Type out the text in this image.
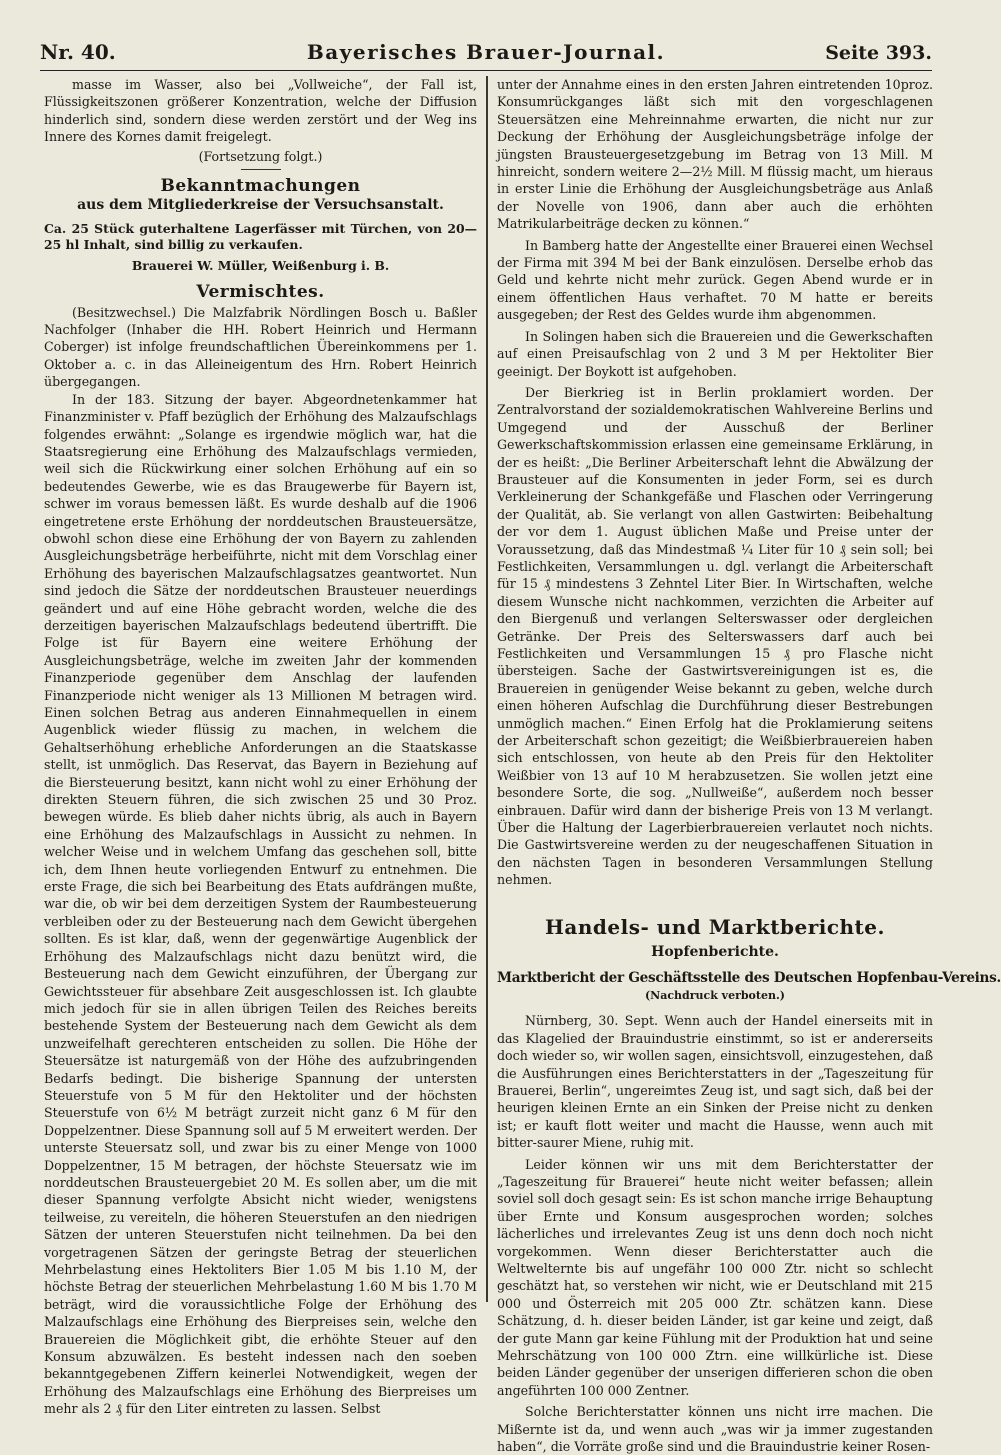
Nr. 40.	Bayerisches Brauer-Journal.	Seite 393.

masse im Wasser, also bei „Vollweiche“, der Fall ist, Flüssigkeitszonen größerer Konzentration, welche der Diffusion hinderlich sind, sondern diese werden zerstört und der Weg ins Innere des Kornes damit freigelegt.

(Fortsetzung folgt.)

Bekanntmachungen
aus dem Mitgliederkreise der Versuchsanstalt.

Ca. 25 Stück guterhaltene Lagerfässer mit Türchen, von 20—25 hl Inhalt, sind billig zu verkaufen.

Brauerei W. Müller, Weißenburg i. B.

Vermischtes.

(Besitzwechsel.) Die Malzfabrik Nördlingen Bosch u. Baßler Nachfolger (Inhaber die HH. Robert Heinrich und Hermann Coberger) ist infolge freundschaftlichen Übereinkommens per 1. Oktober a. c. in das Alleineigentum des Hrn. Robert Heinrich übergegangen.

In der 183. Sitzung der bayer. Abgeordnetenkammer hat Finanzminister v. Pfaff bezüglich der Erhöhung des Malzaufschlags folgendes erwähnt: „Solange es irgendwie möglich war, hat die Staatsregierung eine Erhöhung des Malzaufschlags vermieden, weil sich die Rückwirkung einer solchen Erhöhung auf ein so bedeutendes Gewerbe, wie es das Braugewerbe für Bayern ist, schwer im voraus bemessen läßt. Es wurde deshalb auf die 1906 eingetretene erste Erhöhung der norddeutschen Brausteuersätze, obwohl schon diese eine Erhöhung der von Bayern zu zahlenden Ausgleichungsbeträge herbeiführte, nicht mit dem Vorschlag einer Erhöhung des bayerischen Malzaufschlagsatzes geantwortet. Nun sind jedoch die Sätze der norddeutschen Brausteuer neuerdings geändert und auf eine Höhe gebracht worden, welche die des derzeitigen bayerischen Malzaufschlags bedeutend übertrifft. Die Folge ist für Bayern eine weitere Erhöhung der Ausgleichungsbeträge, welche im zweiten Jahr der kommenden Finanzperiode gegenüber dem Anschlag der laufenden Finanzperiode nicht weniger als 13 Millionen M betragen wird. Einen solchen Betrag aus anderen Einnahmequellen in einem Augenblick wieder flüssig zu machen, in welchem die Gehaltserhöhung erhebliche Anforderungen an die Staatskasse stellt, ist unmöglich. Das Reservat, das Bayern in Beziehung auf die Biersteuerung besitzt, kann nicht wohl zu einer Erhöhung der direkten Steuern führen, die sich zwischen 25 und 30 Proz. bewegen würde. Es blieb daher nichts übrig, als auch in Bayern eine Erhöhung des Malzaufschlags in Aussicht zu nehmen. In welcher Weise und in welchem Umfang das geschehen soll, bitte ich, dem Ihnen heute vorliegenden Entwurf zu entnehmen. Die erste Frage, die sich bei Bearbeitung des Etats aufdrängen mußte, war die, ob wir bei dem derzeitigen System der Raumbesteuerung verbleiben oder zu der Besteuerung nach dem Gewicht übergehen sollten. Es ist klar, daß, wenn der gegenwärtige Augenblick der Erhöhung des Malzaufschlags nicht dazu benützt wird, die Besteuerung nach dem Gewicht einzuführen, der Übergang zur Gewichtssteuer für absehbare Zeit ausgeschlossen ist. Ich glaubte mich jedoch für sie in allen übrigen Teilen des Reiches bereits bestehende System der Besteuerung nach dem Gewicht als dem unzweifelhaft gerechteren entscheiden zu sollen. Die Höhe der Steuersätze ist naturgemäß von der Höhe des aufzubringenden Bedarfs bedingt. Die bisherige Spannung der untersten Steuerstufe von 5 M für den Hektoliter und der höchsten Steuerstufe von 6½ M beträgt zurzeit nicht ganz 6 M für den Doppelzentner. Diese Spannung soll auf 5 M erweitert werden. Der unterste Steuersatz soll, und zwar bis zu einer Menge von 1000 Doppelzentner, 15 M betragen, der höchste Steuersatz wie im norddeutschen Brausteuergebiet 20 M. Es sollen aber, um die mit dieser Spannung verfolgte Absicht nicht wieder, wenigstens teilweise, zu vereiteln, die höheren Steuerstufen an den niedrigen Sätzen der unteren Steuerstufen nicht teilnehmen. Da bei den vorgetragenen Sätzen der geringste Betrag der steuerlichen Mehrbelastung eines Hektoliters Bier 1.05 M bis 1.10 M, der höchste Betrag der steuerlichen Mehrbelastung 1.60 M bis 1.70 M beträgt, wird die voraussichtliche Folge der Erhöhung des Malzaufschlags eine Erhöhung des Bierpreises sein, welche den Brauereien die Möglichkeit gibt, die erhöhte Steuer auf den Konsum abzuwälzen. Es besteht indessen nach den soeben bekanntgegebenen Ziffern keinerlei Notwendigkeit, wegen der Erhöhung des Malzaufschlags eine Erhöhung des Bierpreises um mehr als 2 ₰ für den Liter eintreten zu lassen. Selbst

unter der Annahme eines in den ersten Jahren eintretenden 10proz. Konsumrückganges läßt sich mit den vorgeschlagenen Steuersätzen eine Mehreinnahme erwarten, die nicht nur zur Deckung der Erhöhung der Ausgleichungsbeträge infolge der jüngsten Brausteuergesetzgebung im Betrag von 13 Mill. M hinreicht, sondern weitere 2—2½ Mill. M flüssig macht, um hieraus in erster Linie die Erhöhung der Ausgleichungsbeträge aus Anlaß der Novelle von 1906, dann aber auch die erhöhten Matrikularbeiträge decken zu können.“

In Bamberg hatte der Angestellte einer Brauerei einen Wechsel der Firma mit 394 M bei der Bank einzulösen. Derselbe erhob das Geld und kehrte nicht mehr zurück. Gegen Abend wurde er in einem öffentlichen Haus verhaftet. 70 M hatte er bereits ausgegeben; der Rest des Geldes wurde ihm abgenommen.

In Solingen haben sich die Brauereien und die Gewerkschaften auf einen Preisaufschlag von 2 und 3 M per Hektoliter Bier geeinigt. Der Boykott ist aufgehoben.

Der Bierkrieg ist in Berlin proklamiert worden. Der Zentralvorstand der sozialdemokratischen Wahlvereine Berlins und Umgegend und der Ausschuß der Berliner Gewerkschaftskommission erlassen eine gemeinsame Erklärung, in der es heißt: „Die Berliner Arbeiterschaft lehnt die Abwälzung der Brausteuer auf die Konsumenten in jeder Form, sei es durch Verkleinerung der Schankgefäße und Flaschen oder Verringerung der Qualität, ab. Sie verlangt von allen Gastwirten: Beibehaltung der vor dem 1. August üblichen Maße und Preise unter der Voraussetzung, daß das Mindestmaß ¼ Liter für 10 ₰ sein soll; bei Festlichkeiten, Versammlungen u. dgl. verlangt die Arbeiterschaft für 15 ₰ mindestens 3 Zehntel Liter Bier. In Wirtschaften, welche diesem Wunsche nicht nachkommen, verzichten die Arbeiter auf den Biergenuß und verlangen Selterswasser oder dergleichen Getränke. Der Preis des Selterswassers darf auch bei Festlichkeiten und Versammlungen 15 ₰ pro Flasche nicht übersteigen. Sache der Gastwirtsvereinigungen ist es, die Brauereien in genügender Weise bekannt zu geben, welche durch einen höheren Aufschlag die Durchführung dieser Bestrebungen unmöglich machen.“ Einen Erfolg hat die Proklamierung seitens der Arbeiterschaft schon gezeitigt; die Weißbierbrauereien haben sich entschlossen, von heute ab den Preis für den Hektoliter Weißbier von 13 auf 10 M herabzusetzen. Sie wollen jetzt eine besondere Sorte, die sog. „Nullweiße“, außerdem noch besser einbrauen. Dafür wird dann der bisherige Preis von 13 M verlangt. Über die Haltung der Lagerbierbrauereien verlautet noch nichts. Die Gastwirtsvereine werden zu der neugeschaffenen Situation in den nächsten Tagen in besonderen Versammlungen Stellung nehmen.

Handels- und Marktberichte.
Hopfenberichte.
Marktbericht der Geschäftsstelle des Deutschen Hopfenbau-Vereins.

(Nachdruck verboten.)

Nürnberg, 30. Sept. Wenn auch der Handel einerseits mit in das Klagelied der Brauindustrie einstimmt, so ist er andererseits doch wieder so, wir wollen sagen, einsichtsvoll, einzugestehen, daß die Ausführungen eines Berichterstatters in der „Tageszeitung für Brauerei, Berlin“, ungereimtes Zeug ist, und sagt sich, daß bei der heurigen kleinen Ernte an ein Sinken der Preise nicht zu denken ist; er kauft flott weiter und macht die Hausse, wenn auch mit bitter-saurer Miene, ruhig mit.

Leider können wir uns mit dem Berichterstatter der „Tageszeitung für Brauerei“ heute nicht weiter befassen; allein soviel soll doch gesagt sein: Es ist schon manche irrige Behauptung über Ernte und Konsum ausgesprochen worden; solches lächerliches und irrelevantes Zeug ist uns denn doch noch nicht vorgekommen. Wenn dieser Berichterstatter auch die Weltwelternte bis auf ungefähr 100 000 Ztr. nicht so schlecht geschätzt hat, so verstehen wir nicht, wie er Deutschland mit 215 000 und Österreich mit 205 000 Ztr. schätzen kann. Diese Schätzung, d. h. dieser beiden Länder, ist gar keine und zeigt, daß der gute Mann gar keine Fühlung mit der Produktion hat und seine Mehrschätzung von 100 000 Ztrn. eine willkürliche ist. Diese beiden Länder gegenüber der unserigen differieren schon die oben angeführten 100 000 Zentner.

Solche Berichterstatter können uns nicht irre machen. Die Mißernte ist da, und wenn auch „was wir ja immer zugestanden haben“, die Vorräte große sind und die Brauindustrie keiner Rosen-
